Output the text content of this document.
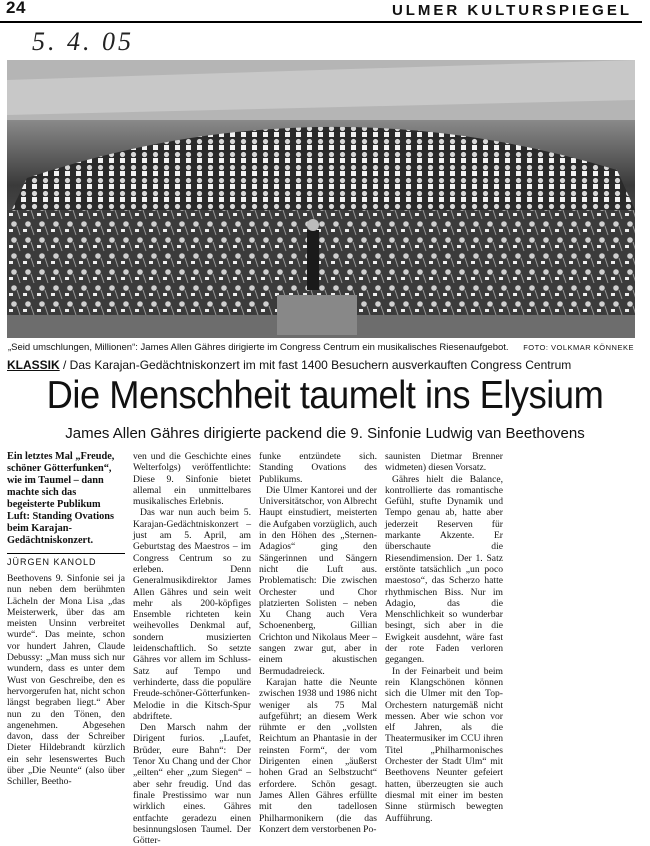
24	ULMER KULTURSPIEGEL
5. 4. 05
„Seid umschlungen, Millionen“: James Allen Gähres dirigierte im Congress Centrum ein musikalisches Riesenaufgebot. FOTO: VOLKMAR KÖNNEKE
KLASSIK / Das Karajan-Gedächtniskonzert im mit fast 1400 Besuchern ausverkauften Congress Centrum
Die Menschheit taumelt ins Elysium
James Allen Gähres dirigierte packend die 9. Sinfonie Ludwig van Beethovens

Ein letztes Mal „Freude, schöner Götterfunken“, wie im Taumel – dann machte sich das begeisterte Publikum Luft: Standing Ovations beim Karajan-Gedächtniskonzert.

JÜRGEN KANOLD

Beethovens 9. Sinfonie sei ja nun neben dem berühmten Lächeln der Mona Lisa „das Meisterwerk, über das am meisten Unsinn verbreitet wurde“. Das meinte, schon vor hundert Jahren, Claude Debussy: „Man muss sich nur wundern, dass es unter dem Wust von Geschreibe, den es hervorgerufen hat, nicht schon längst begraben liegt.“ Aber nun zu den Tönen, den angenehmen. Abgesehen davon, dass der Schreiber Dieter Hildebrandt kürzlich ein sehr lesenswertes Buch über „Die Neunte“ (also über Schiller, Beetho-

ven und die Geschichte eines Welterfolgs) veröffentlichte: Diese 9. Sinfonie bietet allemal ein unmittelbares musikalisches Erlebnis.

Das war nun auch beim 5. Karajan-Gedächtniskonzert – just am 5. April, am Geburtstag des Maestros – im Congress Centrum so zu erleben. Denn Generalmusikdirektor James Allen Gähres und sein weit mehr als 200-köpfiges Ensemble richteten kein weihevolles Denkmal auf, sondern musizierten leidenschaftlich. So setzte Gähres vor allem im Schluss-Satz auf Tempo und verhinderte, dass die populäre Freude-schöner-Götterfunken-Melodie in die Kitsch-Spur abdriftete.

Den Marsch nahm der Dirigent furios. „Laufet, Brüder, eure Bahn“: Der Tenor Xu Chang und der Chor „eilten“ eher „zum Siegen“ – aber sehr freudig. Und das finale Prestissimo war nun wirklich eines. Gähres entfachte geradezu einen besinnungslosen Taumel. Der Götter-

funke entzündete sich. Standing Ovations des Publikums.

Die Ulmer Kantorei und der Universitätschor, von Albrecht Haupt einstudiert, meisterten die Aufgaben vorzüglich, auch in den Höhen des „Sternen-Adagios“ ging den Sängerinnen und Sängern nicht die Luft aus. Problematisch: Die zwischen Orchester und Chor platzierten Solisten – neben Xu Chang auch Vera Schoenenberg, Gillian Crichton und Nikolaus Meer – sangen zwar gut, aber in einem akustischen Bermudadreieck.

Karajan hatte die Neunte zwischen 1938 und 1986 nicht weniger als 75 Mal aufgeführt; an diesem Werk rühmte er den „vollsten Reichtum an Phantasie in der reinsten Form“, der vom Dirigenten einen „äußerst hohen Grad an Selbstzucht“ erfordere. Schön gesagt. James Allen Gähres erfüllte mit den tadellosen Philharmonikern (die das Konzert dem verstorbenen Po-

saunisten Dietmar Brenner widmeten) diesen Vorsatz.

Gähres hielt die Balance, kontrollierte das romantische Gefühl, stufte Dynamik und Tempo genau ab, hatte aber jederzeit Reserven für markante Akzente. Er überschaute die Riesendimension. Der 1. Satz erstönte tatsächlich „un poco maestoso“, das Scherzo hatte rhythmischen Biss. Nur im Adagio, das die Menschlichkeit so wunderbar besingt, sich aber in die Ewigkeit ausdehnt, wäre fast der rote Faden verloren gegangen.

In der Feinarbeit und beim rein Klangschönen können sich die Ulmer mit den Top-Orchestern naturgemäß nicht messen. Aber wie schon vor elf Jahren, als die Theatermusiker im CCU ihren Titel „Philharmonisches Orchester der Stadt Ulm“ mit Beethovens Neunter gefeiert hatten, überzeugten sie auch diesmal mit einer im besten Sinne stürmisch bewegten Aufführung.
